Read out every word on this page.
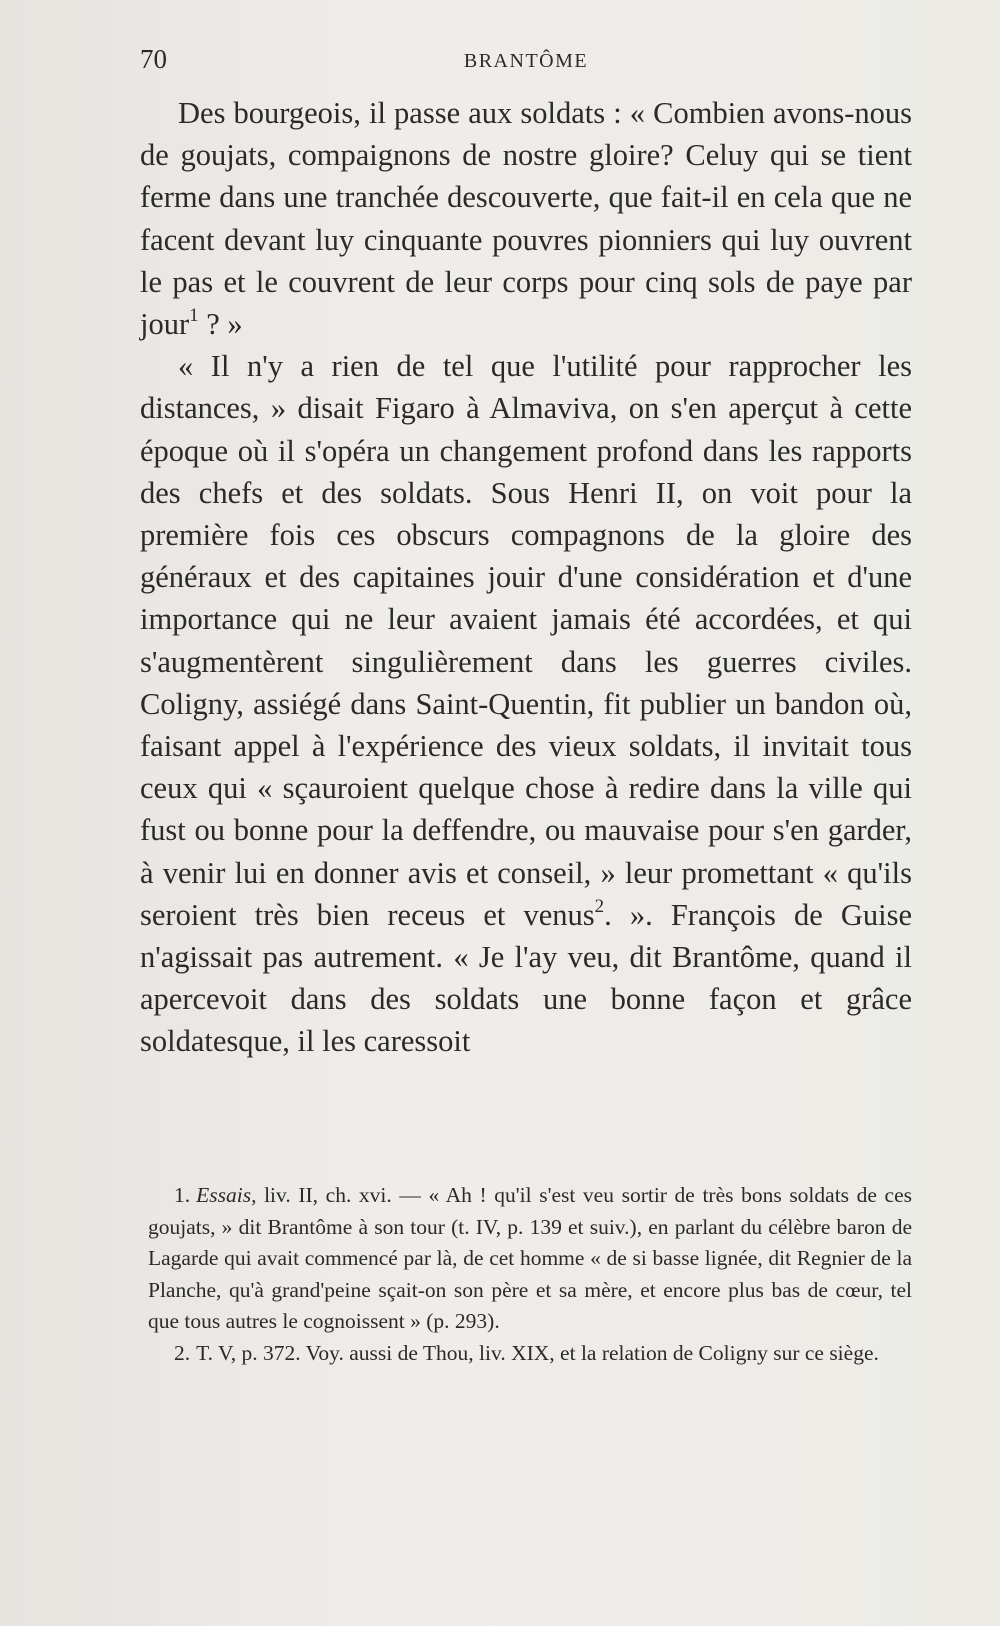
70	BRANTÔME

Des bourgeois, il passe aux soldats : « Combien avons-nous de goujats, compaignons de nostre gloire? Celuy qui se tient ferme dans une tranchée descouverte, que fait-il en cela que ne facent devant luy cinquante pouvres pionniers qui luy ouvrent le pas et le couvrent de leur corps pour cinq sols de paye par jour$^1$ ? »

« Il n'y a rien de tel que l'utilité pour rapprocher les distances, » disait Figaro à Almaviva, on s'en aperçut à cette époque où il s'opéra un changement profond dans les rapports des chefs et des soldats. Sous Henri II, on voit pour la première fois ces obscurs compagnons de la gloire des généraux et des capitaines jouir d'une considération et d'une importance qui ne leur avaient jamais été accordées, et qui s'augmentèrent singulièrement dans les guerres civiles. Coligny, assiégé dans Saint-Quentin, fit publier un bandon où, faisant appel à l'expérience des vieux soldats, il invitait tous ceux qui « sçauroient quelque chose à redire dans la ville qui fust ou bonne pour la deffendre, ou mauvaise pour s'en garder, à venir lui en donner avis et conseil, » leur promettant « qu'ils seroient très bien receus et venus$^2$. ». François de Guise n'agissait pas autrement. « Je l'ay veu, dit Brantôme, quand il apercevoit dans des soldats une bonne façon et grâce soldatesque, il les caressoit

1. Essais, liv. II, ch. xvi. — « Ah ! qu'il s'est veu sortir de très bons soldats de ces goujats, » dit Brantôme à son tour (t. IV, p. 139 et suiv.), en parlant du célèbre baron de Lagarde qui avait commencé par là, de cet homme « de si basse lignée, dit Regnier de la Planche, qu'à grand'peine sçait-on son père et sa mère, et encore plus bas de cœur, tel que tous autres le cognoissent » (p. 293).

2. T. V, p. 372. Voy. aussi de Thou, liv. XIX, et la relation de Coligny sur ce siège.
